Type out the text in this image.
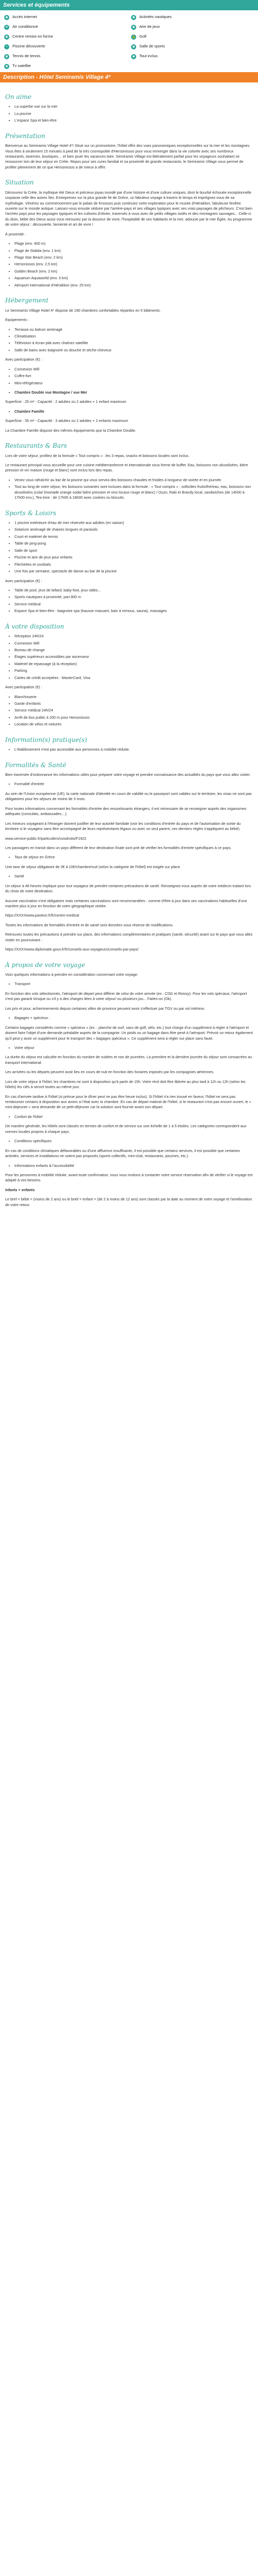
Services et équipements
◉	Accès internet	◉	Activités nautiques
❄	Air conditionné	◉	Aire de jeux
◉	Centre remise en forme	⛳ Golf
≈	Piscine découverte	◉	Salle de sports
◉	Tennis de tennis	◉	Tout inclus
◉	Tv satellite
Description - Hôtel Semiramis Village 4*
On aime
• La superbe vue sur la mer
• La piscine
• L'espace Spa et bien-être
Présentation

Bienvenue au Semiramis Village Hotel 4*! Situé sur un promontoire, l'hôtel offre des vues panoramiques exceptionnelles sur la mer et les montagnes. Vous êtes à seulement 15 minutes à pied de la très cosmopolite d'Hersonissos pour vous immerger dans la vie colorée avec ses nombreux restaurants, tavernes, boutiques… et bien jouer les vacances bien. Semiramis Village est littéralement parfait pour les voyageurs souhaitant se ressourcer loin de leur séjour en Crète. Repos pour ses cures familial et sa proximité de grands restaurants, le Semiramis Village vous permet de profiter pleinement de ce que Hersonissos a de mieux à offrir.

Situation

Découvrez la Crète, la mythique été Dieux et précieux joyau inondé par d'une histoire et d'une culture uniques, dont le bourbé échouée exceptionnelle surpasse celle des autres îles. Entreprenez sur la plus grande île de Grèce, un fabuleux voyage à travers le temps et imprégnez-vous de sa mythologie. Vénérez au commencement par le palais de Knossos puis continuez votre exploration pour le musée d'Héraklion, fabuleuse fenêtre ouverte sur le monde antique. Laissez-vous ensuite séduire par l'arrière-pays et ses villages typiques avec ses vrais paysages de pêcheurs. C'est bien l'archéo pays pour les paysages typiques et les cultures d'olivier, traversés à vous avec de petits villages isolés et des montagnes sauvages... Celle-ci du divin, bébé des Dieux aussi vous retrouvez par la douceur de vivre, l'hospitalité de ses habitants et la mer, adoucie par le mer Égée. Au programme de votre séjour : découverte, farniente et art de vivre !

À proximité :

• Plage (env. 400 m)
• Plage de Stalida (env. 1 km)
• Plage Star Beach (env. 2 km)
• Hersonissos (env. 2,5 km)
• Golden Beach (env. 2 km)
• Aquarium Aquaworld (env. 3 km)
• Aéroport international d'Héraklion (env. 25 km)
Hébergement

Le Semiramis Village Hotel 4* dispose de 190 chambres confortables réparties en 5 bâtiments.

Equipements :

• Terrasse ou balcon aménagé
• Climatisation
• Télévision à écran plat avec chaînes satellite
• Salle de bains avec baignoire ou douche et sèche-cheveux

Avec participation (€) :

• Connexion Wifi
• Coffre-fort
• Mini-réfrigérateur
• Chambre Double vue Montagne / vue Mer

Superficie : 25 m² - Capacité : 2 adultes ou 2 adultes + 1 enfant maximum

• Chambre Famille

Superficie : 35 m² - Capacité : 3 adultes ou 2 adultes + 2 enfants maximum

La Chambre Famille dispose des mêmes équipements que la Chambre Double.

Restaurants & Bars

Lors de votre séjour, profitez de la formule « Tout compris » : les 3 repas, snacks et boissons locales sont inclus.

Le restaurant principal vous accueille pour une cuisine méditerranéenne et internationale sous forme de buffet. Eau, boissons non alcoolisées, bière pression et vin maison (rouge et blanc) sont inclus lors des repas.

• Venez vous rafraîchir au bar de la piscine qui vous servira des boissons chaudes et froides à longueur de soirée et en journée.
• Tout au long de votre séjour, les boissons suivantes sont incluses dans la formule : « Tout compris » : softs/des fruits/thé/eau, eau, boissons non alcoolisées (cola/ limonade orange soda/ bière pression et vins locaux rouge et blanc) / Ouzo, Raki et Brandy local, sandwiches (de 14h00 à 17h00 env.), Tea time : de 17h00 à 18h00 avec cookies ou biscuits.
Sports & Loisirs
• 1 piscine extérieure d'eau de mer réservée aux adultes (en saison)
• Solarium aménagé de chaises longues et parasols
• Court et matériel de tennis
• Table de ping-pong
• Salle de sport
• Piscine et aire de jeux pour enfants
• Fléchettes et cocktails
• Une fois par semaine, spectacle de danse au bar de la piscine

Avec participation (€) :

• Table de pool, jeux de billard, baby-foot, jeux vidéo...
• Sports nautiques à proximité, pari 800 m
• Service médical
• Espace Spa et bien-être : baignoire spa (hausse massant, bain à remous, sauna), massages
À votre disposition
• Réception 24h/24
• Connexion Wifi
• Bureau de change
• Étages supérieurs accessibles par ascenseur
• Matériel de repassage (à la réception)
• Parking
• Cartes de crédit acceptées : MasterCard, Visa

Avec participation (€) :

• Blanchisserie
• Garde d'enfants
• Service médical 24h/24
• Arrêt de bus public à 200 m pour Hersonissos
• Location de vélos et voitures
Information(s) pratique(s)
• L'établissement n'est pas accessible aux personnes à mobilité réduite.
Formalités & Santé

Bien traversée d'ordonnance les informations utiles pour préparer votre voyage et prendre connaissance des actualités du pays que vous allez visiter.

• Formalité d'entrée

Au sein de l'Union européenne (UE), la carte nationale d'identité en cours de validité ou le passeport sont valides sur le territoire, les visas ne sont pas obligatoires pour les séjours de moins de 3 mois.

Pour toutes informations concernant les formalités d'entrée des ressortissants étrangers, il est nécessaire de se renseigner auprès des organismes adéquats (consulats, ambassades…).

Les mineurs voyageant à l'étranger doivent justifier de leur autorité familiale (voir les conditions d'entrée du pays et de l'autorisation de sortie du territoire si le voyageur sans être accompagné de leurs représentants légaux ou avec un seul parent, ces derniers règles s'appliquent au bébé).

www.service-public.fr/particuliers/vosdroits/F1922

Les passagers en transit dans un pays différent de leur destination finale sont prié de vérifier les formalités d'entrée spécifiques à ce pays.

• Taux de séjour en Grèce

Une taxe de séjour obligatoire de 3€ à 10€/chambre/nuit (selon la catégorie de l'hôtel) est exigée sur place.

• Santé

Un séjour à 48 heures implique pour tout voyageur de prendre certaines précautions de santé. Renseignez-vous auprès de votre médecin traitant lors du choix de votre destination.

Aucune vaccination n'est obligatoire mais certaines vaccinations sont recommandées : comme d'être à jour dans ses vaccinations habituelles d'une manière plus à jour en fonction de votre géographique visitée.

https://XXXXwww.pasteur.fr/fr/centre-medical

Toutes les informations de formalités d'entrée et de santé sont données sous réserve de modifications.

Retrouvez toutes les précautions à prendre sur place, des informations complémentaires et pratiques (santé, sécurité) avant sur le pays que vous allez visiter en poursuivant :

https://XXXXwww.diplomatie.gouv.fr/fr/conseils-aux-voyageurs/conseils-par-pays/

À propos de votre voyage

Voici quelques informations à prendre en considération concernant votre voyage.

• Transport

En fonction des vols sélectionnés, l'aéroport de départ peut différer de celui de votre arrivée (ex : CDG et Roissy). Pour les vols spéciaux, l'aéroport n'est pas garanti lorsque ou s'il y a des charges liées à votre séjour/ ou plusieurs jou... Faites-un (Ok).

Les prix et pour, acheminements depuis certaines villes de province peuvent avoir s'effectuer par TGV ou par vol intérieur.

• Bagages + spécieux :

Certains bagages considérés comme « spécieux » (ex. : planche de surf, sacs de golf, vélo, etc.) tout charge d'un supplément à régler à l'aéroport et doivent faire l'objet d'une demande préalable auprès de la compagnie. Un poids ou un bagage dans être pesé à l'aéroport. Prévoir un retour également qu'il peut y avoir un supplément pour le transport des « bagages spécieux ». Ce supplément sera à régler sur place sans faute.

• Votre séjour

La durée du séjour est calculée en fonction du nombre de nuitées et non de journées. La première et la dernière journée du séjour sont consacrées au transport international.

Les arrivées ou les départs peuvent avoir lieu en cours de nuit en fonction des horaires imposés par les compagnies aériennes.

Lors de votre séjour à l'hôtel, les chambres ne sont à disposition qu'à partir de 15h. Votre récit doit être libérée au plus tard à 11h ou 12h (selon les hôtels) les clés à seront toutes au même jour.

En cas d'arrivée tardive à l'hôtel (si prévue pour le dîner peut ne pas être heure inclus). Si l'hôtel n'a rien trouvé en faveur, l'hôtel ne sera pas rembourser certains à disposition aux avoirs si l'état avec la chambre. En cas de départ matinal de l'hôtel, si le restaurant n'est pas encore ouvert, le « mini-dejeuner » sera demande de ce petit-déjeuner car la solution sont fournie avant son départ.

• Confort de l'hôtel

De manière générale, les hôtels sont classés en termes de confort et de service sur une échelle de 1 à 5 étoiles. Les catégories correspondent aux normes locales propres à chaque pays.

• Conditions spécifiques

En cas de conditions climatiques défavorables ou d'une affluence insuffisante, il est possible que certains services, il est possible que certaines activités, services et installations ne soient pas proposés (sports collectifs, mini-club, restaurants, piscines, etc.).

• Informations enfants & l'accessibilité

Pour les personnes à mobilité réduite, avant toute confirmation, nous vous invitons à contacter notre service réservation afin de vérifier si le voyage est adapté à vos besoins.

Infants + enfants

Le bref = bébé = (moins de 2 ans) ou le brief = enfant = (de 2 à moins de 12 ans) sont classés par la date au moment de votre voyage et l'amélioration de votre retour.
